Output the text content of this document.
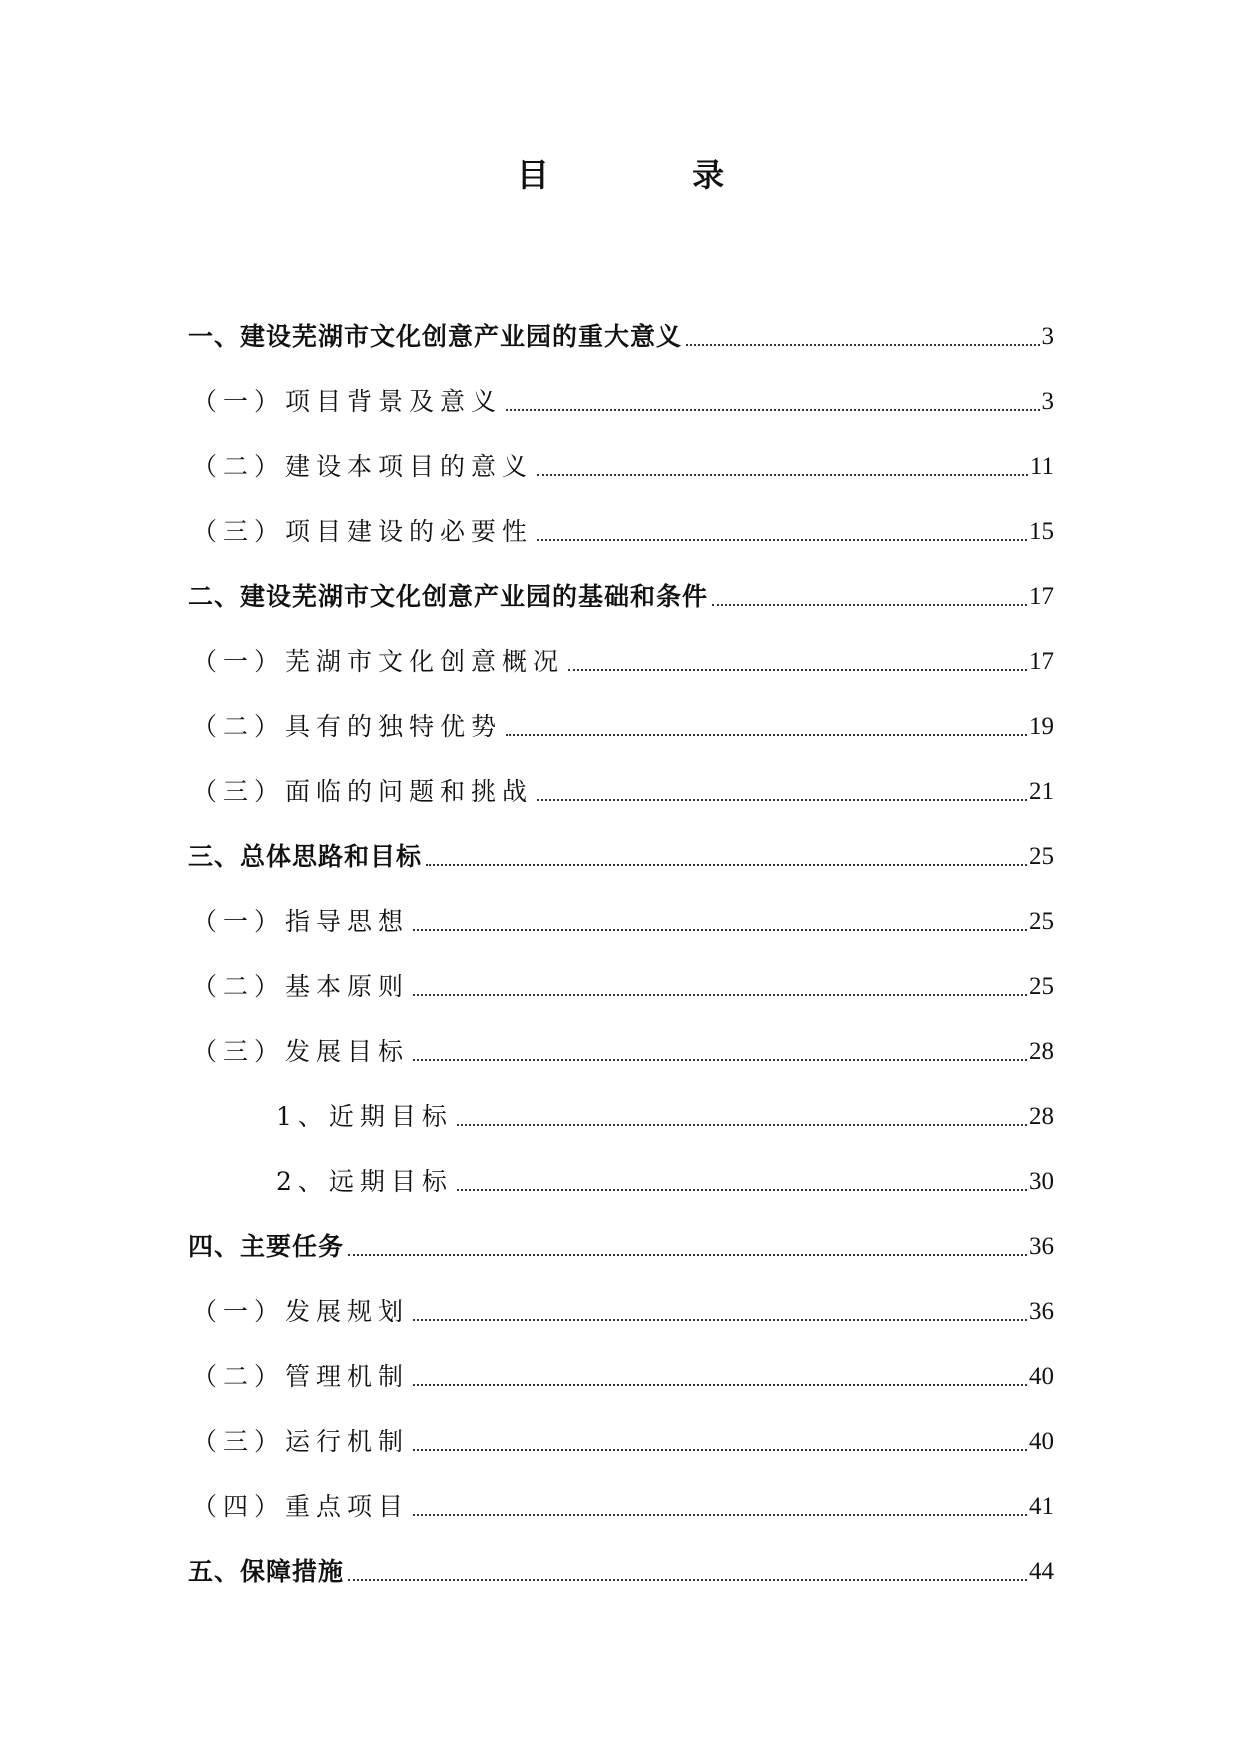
目 录
一、建设芜湖市文化创意产业园的重大意义	3
（一）项目背景及意义	3
（二）建设本项目的意义	11
（三）项目建设的必要性	15
二、建设芜湖市文化创意产业园的基础和条件	17
（一）芜湖市文化创意概况	17
（二）具有的独特优势	19
（三）面临的问题和挑战	21
三、总体思路和目标	25
（一）指导思想	25
（二）基本原则	25
（三）发展目标	28
1、近期目标	28
2、远期目标	30
四、主要任务	36
（一）发展规划	36
（二）管理机制	40
（三）运行机制	40
（四）重点项目	41
五、保障措施	44
